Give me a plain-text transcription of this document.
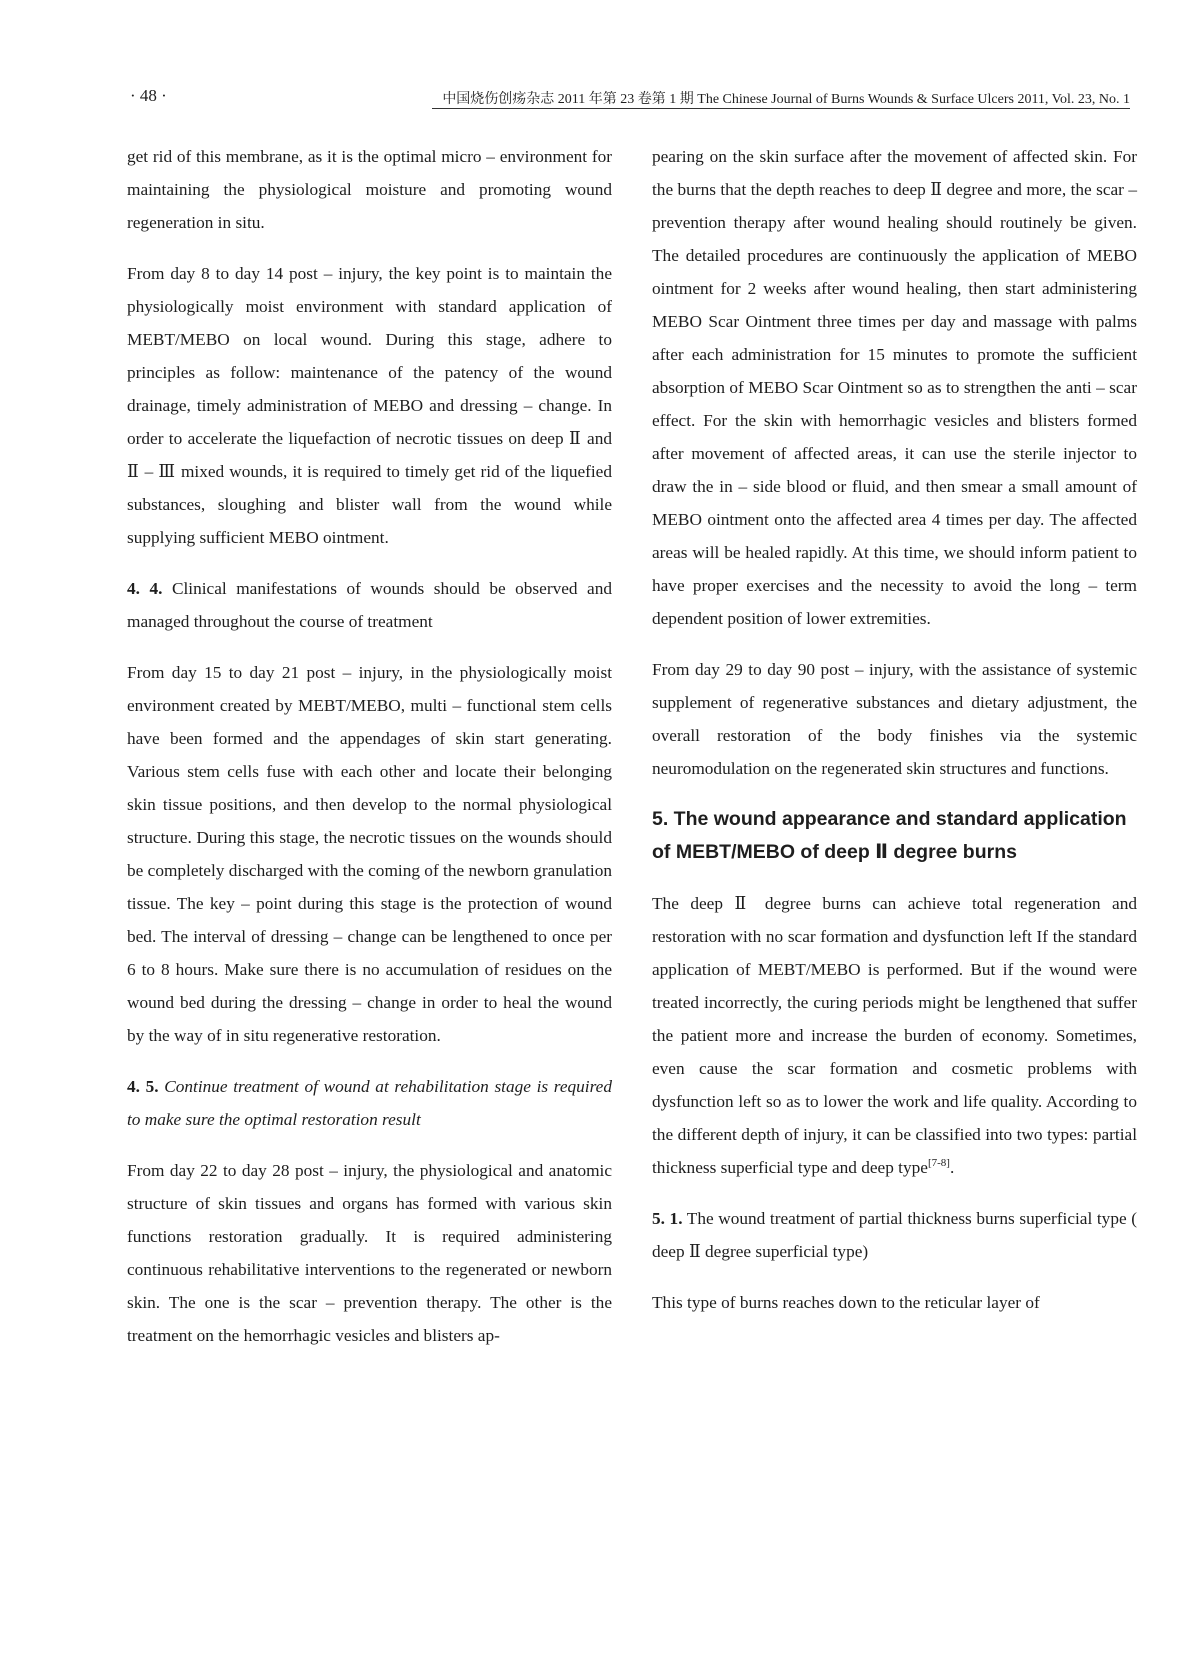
· 48 ·	中国烧伤创疡杂志 2011 年第 23 卷第 1 期 The Chinese Journal of Burns Wounds & Surface Ulcers 2011, Vol. 23, No. 1

get rid of this membrane, as it is the optimal micro – environment for maintaining the physiological moisture and promoting wound regeneration in situ.

From day 8 to day 14 post – injury, the key point is to maintain the physiologically moist environment with standard application of MEBT/MEBO on local wound. During this stage, adhere to principles as follow: maintenance of the patency of the wound drainage, timely administration of MEBO and dressing – change. In order to accelerate the liquefaction of necrotic tissues on deep Ⅱ and Ⅱ – Ⅲ mixed wounds, it is required to timely get rid of the liquefied substances, sloughing and blister wall from the wound while supplying sufficient MEBO ointment.

4. 4. Clinical manifestations of wounds should be observed and managed throughout the course of treatment

From day 15 to day 21 post – injury, in the physiologically moist environment created by MEBT/MEBO, multi – functional stem cells have been formed and the appendages of skin start generating. Various stem cells fuse with each other and locate their belonging skin tissue positions, and then develop to the normal physiological structure. During this stage, the necrotic tissues on the wounds should be completely discharged with the coming of the newborn granulation tissue. The key – point during this stage is the protection of wound bed. The interval of dressing – change can be lengthened to once per 6 to 8 hours. Make sure there is no accumulation of residues on the wound bed during the dressing – change in order to heal the wound by the way of in situ regenerative restoration.

4. 5. Continue treatment of wound at rehabilitation stage is required to make sure the optimal restoration result

From day 22 to day 28 post – injury, the physiological and anatomic structure of skin tissues and organs has formed with various skin functions restoration gradually. It is required administering continuous rehabilitative interventions to the regenerated or newborn skin. The one is the scar – prevention therapy. The other is the treatment on the hemorrhagic vesicles and blisters ap-

pearing on the skin surface after the movement of affected skin. For the burns that the depth reaches to deep Ⅱ degree and more, the scar – prevention therapy after wound healing should routinely be given. The detailed procedures are continuously the application of MEBO ointment for 2 weeks after wound healing, then start administering MEBO Scar Ointment three times per day and massage with palms after each administration for 15 minutes to promote the sufficient absorption of MEBO Scar Ointment so as to strengthen the anti – scar effect. For the skin with hemorrhagic vesicles and blisters formed after movement of affected areas, it can use the sterile injector to draw the in – side blood or fluid, and then smear a small amount of MEBO ointment onto the affected area 4 times per day. The affected areas will be healed rapidly. At this time, we should inform patient to have proper exercises and the necessity to avoid the long – term dependent position of lower extremities.

From day 29 to day 90 post – injury, with the assistance of systemic supplement of regenerative substances and dietary adjustment, the overall restoration of the body finishes via the systemic neuromodulation on the regenerated skin structures and functions.

5. The wound appearance and standard application of MEBT/MEBO of deep Ⅱ degree burns

The deep Ⅱ degree burns can achieve total regeneration and restoration with no scar formation and dysfunction left If the standard application of MEBT/MEBO is performed. But if the wound were treated incorrectly, the curing periods might be lengthened that suffer the patient more and increase the burden of economy. Sometimes, even cause the scar formation and cosmetic problems with dysfunction left so as to lower the work and life quality. According to the different depth of injury, it can be classified into two types: partial thickness superficial type and deep type[7-8].

5. 1. The wound treatment of partial thickness burns superficial type ( deep Ⅱ degree superficial type)

This type of burns reaches down to the reticular layer of
